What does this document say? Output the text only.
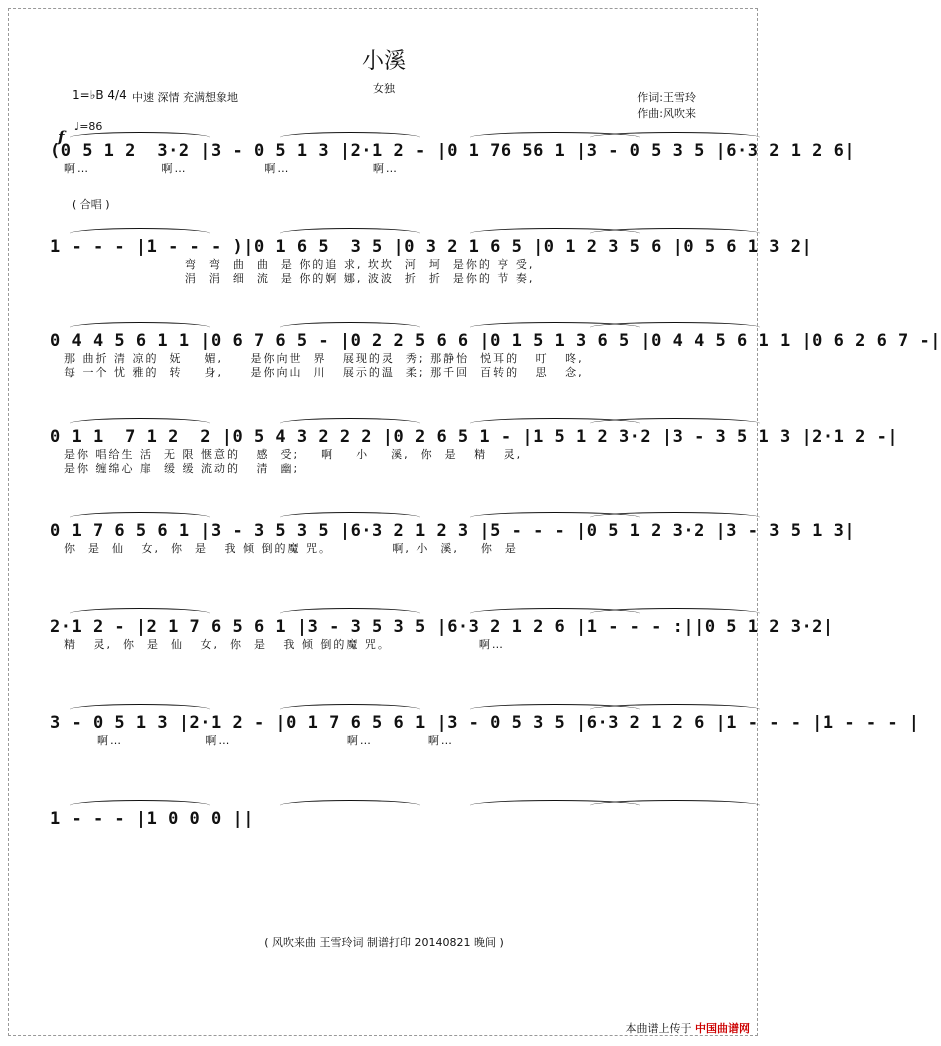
小溪
女独
1=♭B 4/4 中速 深情 充满想象地
♩=86
作词:王雪玲
作曲:风吹来
f
( 合唱 )
(0 5 1 2  3·2 |3 - 0 5 1 3 |2·1 2 - |0 1 76 56 1 |3 - 0 5 3 5 |6·3 2 1 2 6|
啊…             啊…              啊…               啊…
1 - - - |1 - - - )|0 1 6 5  3 5 |0 3 2 1 6 5 |0 1 2 3 5 6 |0 5 6 1 3 2|
弯  弯  曲  曲  是 你的追 求, 坎坎  河  坷  是你的 亨 受,
涓  涓  细  流  是 你的婀 娜, 波波  折  折  是你的 节 奏,
0 4 4 5 6 1 1 |0 6 7 6 5 - |0 2 2 5 6 6 |0 1 5 1 3 6 5 |0 4 4 5 6 1 1 |0 6 2 6 7 -|
那 曲折 清 凉的  妩    媚,     是你向世  界   展现的灵  秀; 那静怡  悦耳的   叮   咚,
每 一个 忧 雅的  转    身,     是你向山  川   展示的温  柔; 那千回  百转的   思   念,
0 1 1  7 1 2  2 |0 5 4 3 2 2 2 |0 2 6 5 1 - |1 5 1 2 3·2 |3 - 3 5 1 3 |2·1 2 -|
是你 唱给生 活  无 限 惬意的   感  受;    啊    小    溪,  你  是   精   灵,
是你 缠绵心 扉  缓 缓 流动的   清  幽;
0 1 7 6 5 6 1 |3 - 3 5 3 5 |6·3 2 1 2 3 |5 - - - |0 5 1 2 3·2 |3 - 3 5 1 3|
你  是  仙   女,  你  是   我 倾 倒的魔 咒。           啊, 小  溪,    你  是
2·1 2 - |2 1 7 6 5 6 1 |3 - 3 5 3 5 |6·3 2 1 2 6 |1 - - - :||0 5 1 2 3·2|
精   灵,  你  是  仙   女,  你  是   我 倾 倒的魔 咒。                啊…
3 - 0 5 1 3 |2·1 2 - |0 1 7 6 5 6 1 |3 - 0 5 3 5 |6·3 2 1 2 6 |1 - - - |1 - - - |
啊…               啊…                     啊…          啊…
1 - - - |1 0 0 0 ||
( 风吹来曲 王雪玲词 制谱打印 20140821 晚间 )
本曲谱上传于 中国曲谱网
